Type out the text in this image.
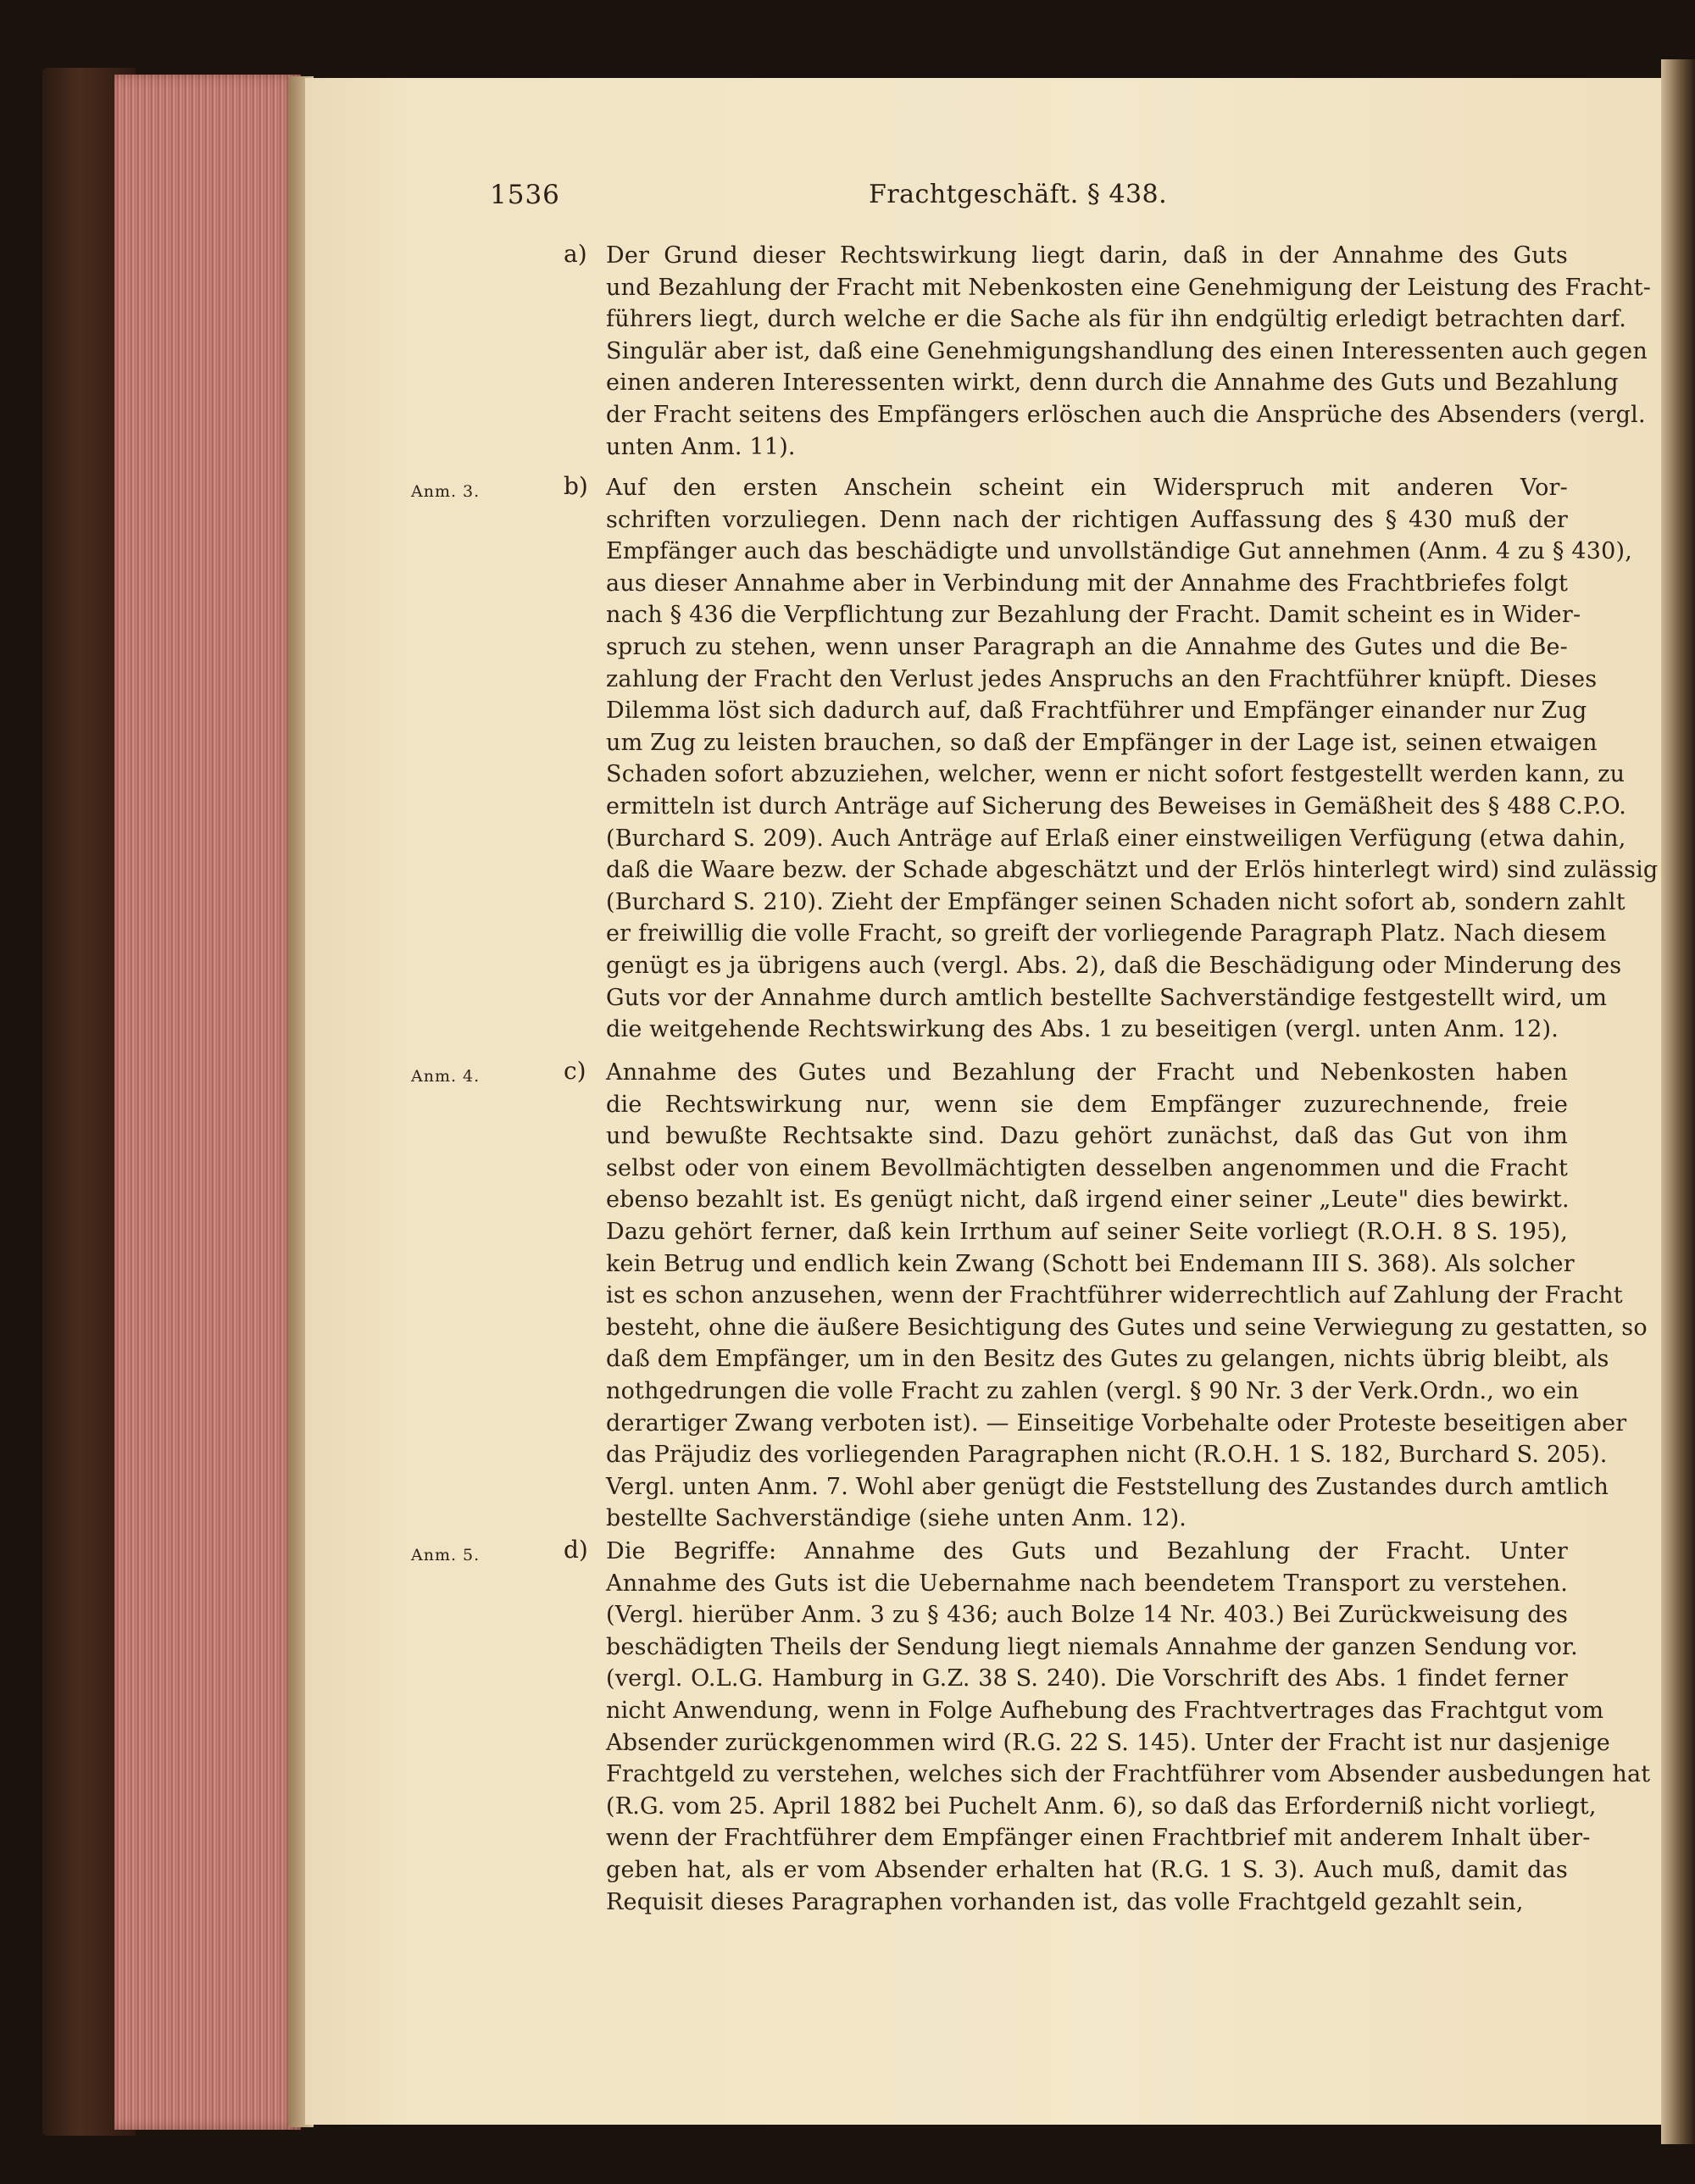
1536	Frachtgeschäft. § 438.
a) Der Grund dieser Rechtswirkung liegt darin, daß in der Annahme des Guts
und Bezahlung der Fracht mit Nebenkosten eine Genehmigung der Leistung des Fracht-
führers liegt, durch welche er die Sache als für ihn endgültig erledigt betrachten darf.
Singulär aber ist, daß eine Genehmigungshandlung des einen Interessenten auch gegen
einen anderen Interessenten wirkt, denn durch die Annahme des Guts und Bezahlung
der Fracht seitens des Empfängers erlöschen auch die Ansprüche des Absenders (vergl.
unten Anm. 11).
Anm. 3.	b) Auf den ersten Anschein scheint ein Widerspruch mit anderen Vor-
schriften vorzuliegen. Denn nach der richtigen Auffassung des § 430 muß der
Empfänger auch das beschädigte und unvollständige Gut annehmen (Anm. 4 zu § 430),
aus dieser Annahme aber in Verbindung mit der Annahme des Frachtbriefes folgt
nach § 436 die Verpflichtung zur Bezahlung der Fracht. Damit scheint es in Wider-
spruch zu stehen, wenn unser Paragraph an die Annahme des Gutes und die Be-
zahlung der Fracht den Verlust jedes Anspruchs an den Frachtführer knüpft. Dieses
Dilemma löst sich dadurch auf, daß Frachtführer und Empfänger einander nur Zug
um Zug zu leisten brauchen, so daß der Empfänger in der Lage ist, seinen etwaigen
Schaden sofort abzuziehen, welcher, wenn er nicht sofort festgestellt werden kann, zu
ermitteln ist durch Anträge auf Sicherung des Beweises in Gemäßheit des § 488 C.P.O.
(Burchard S. 209). Auch Anträge auf Erlaß einer einstweiligen Verfügung (etwa dahin,
daß die Waare bezw. der Schade abgeschätzt und der Erlös hinterlegt wird) sind zulässig
(Burchard S. 210). Zieht der Empfänger seinen Schaden nicht sofort ab, sondern zahlt
er freiwillig die volle Fracht, so greift der vorliegende Paragraph Platz. Nach diesem
genügt es ja übrigens auch (vergl. Abs. 2), daß die Beschädigung oder Minderung des
Guts vor der Annahme durch amtlich bestellte Sachverständige festgestellt wird, um
die weitgehende Rechtswirkung des Abs. 1 zu beseitigen (vergl. unten Anm. 12).
Anm. 4.	c) Annahme des Gutes und Bezahlung der Fracht und Nebenkosten haben
die Rechtswirkung nur, wenn sie dem Empfänger zuzurechnende, freie
und bewußte Rechtsakte sind. Dazu gehört zunächst, daß das Gut von ihm
selbst oder von einem Bevollmächtigten desselben angenommen und die Fracht
ebenso bezahlt ist. Es genügt nicht, daß irgend einer seiner „Leute" dies bewirkt.
Dazu gehört ferner, daß kein Irrthum auf seiner Seite vorliegt (R.O.H. 8 S. 195),
kein Betrug und endlich kein Zwang (Schott bei Endemann III S. 368). Als solcher
ist es schon anzusehen, wenn der Frachtführer widerrechtlich auf Zahlung der Fracht
besteht, ohne die äußere Besichtigung des Gutes und seine Verwiegung zu gestatten, so
daß dem Empfänger, um in den Besitz des Gutes zu gelangen, nichts übrig bleibt, als
nothgedrungen die volle Fracht zu zahlen (vergl. § 90 Nr. 3 der Verk.Ordn., wo ein
derartiger Zwang verboten ist). — Einseitige Vorbehalte oder Proteste beseitigen aber
das Präjudiz des vorliegenden Paragraphen nicht (R.O.H. 1 S. 182, Burchard S. 205).
Vergl. unten Anm. 7. Wohl aber genügt die Feststellung des Zustandes durch amtlich
bestellte Sachverständige (siehe unten Anm. 12).
Anm. 5.	d) Die Begriffe: Annahme des Guts und Bezahlung der Fracht. Unter
Annahme des Guts ist die Uebernahme nach beendetem Transport zu verstehen.
(Vergl. hierüber Anm. 3 zu § 436; auch Bolze 14 Nr. 403.) Bei Zurückweisung des
beschädigten Theils der Sendung liegt niemals Annahme der ganzen Sendung vor.
(vergl. O.L.G. Hamburg in G.Z. 38 S. 240). Die Vorschrift des Abs. 1 findet ferner
nicht Anwendung, wenn in Folge Aufhebung des Frachtvertrages das Frachtgut vom
Absender zurückgenommen wird (R.G. 22 S. 145). Unter der Fracht ist nur dasjenige
Frachtgeld zu verstehen, welches sich der Frachtführer vom Absender ausbedungen hat
(R.G. vom 25. April 1882 bei Puchelt Anm. 6), so daß das Erforderniß nicht vorliegt,
wenn der Frachtführer dem Empfänger einen Frachtbrief mit anderem Inhalt über-
geben hat, als er vom Absender erhalten hat (R.G. 1 S. 3). Auch muß, damit das
Requisit dieses Paragraphen vorhanden ist, das volle Frachtgeld gezahlt sein,
